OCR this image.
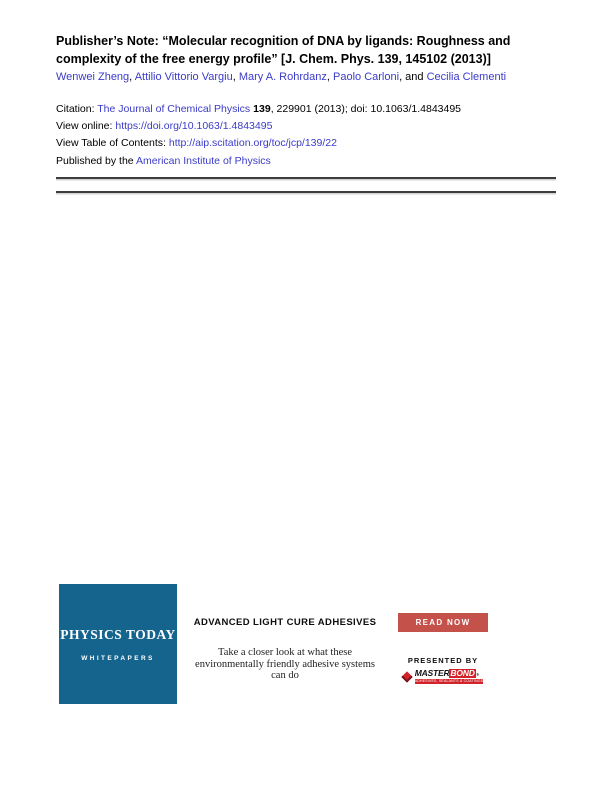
Publisher’s Note: “Molecular recognition of DNA by ligands: Roughness and complexity of the free energy profile” [J. Chem. Phys. 139, 145102 (2013)]

Wenwei Zheng, Attilio Vittorio Vargiu, Mary A. Rohrdanz, Paolo Carloni, and Cecilia Clementi

Citation: The Journal of Chemical Physics 139, 229901 (2013); doi: 10.1063/1.4843495
View online: https://doi.org/10.1063/1.4843495
View Table of Contents: http://aip.scitation.org/toc/jcp/139/22
Published by the American Institute of Physics
PHYSICS TODAY
WHITEPAPERS
ADVANCED LIGHT CURE ADHESIVES
Take a closer look at what these environmentally friendly adhesive systems can do
READ NOW
PRESENTED BY
MASTER BOND ®
ADHESIVES, SEALANTS & COATINGS
